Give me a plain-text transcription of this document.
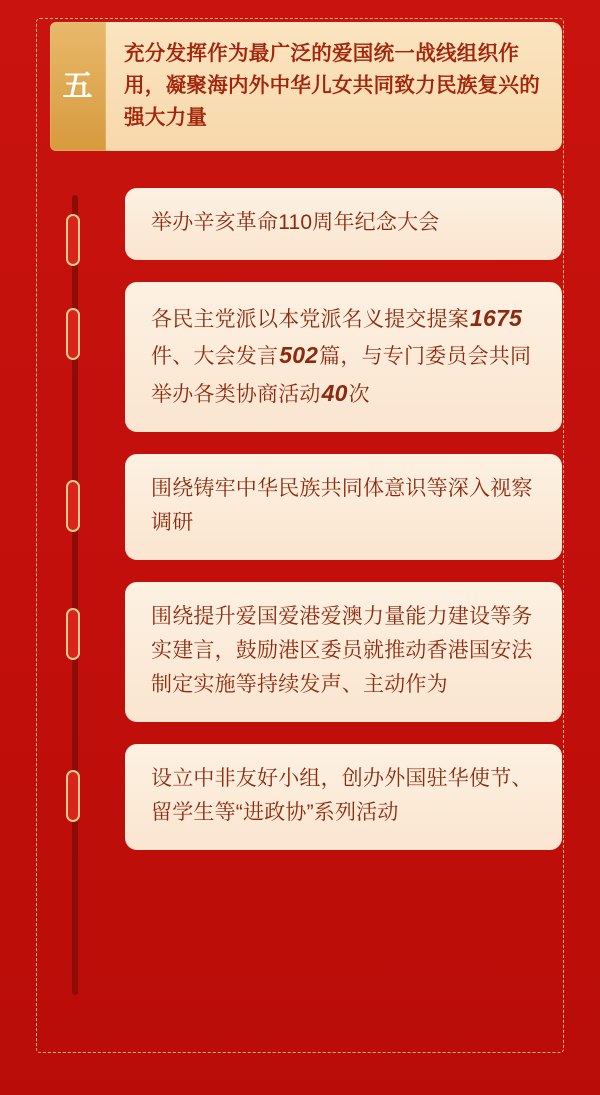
五
充分发挥作为最广泛的爱国统一战线组织作用，凝聚海内外中华儿女共同致力民族复兴的强大力量
举办辛亥革命110周年纪念大会
各民主党派以本党派名义提交提案1675件、大会发言502篇，与专门委员会共同举办各类协商活动40次
围绕铸牢中华民族共同体意识等深入视察调研
围绕提升爱国爱港爱澳力量能力建设等务实建言，鼓励港区委员就推动香港国安法制定实施等持续发声、主动作为
设立中非友好小组，创办外国驻华使节、留学生等“进政协”系列活动
